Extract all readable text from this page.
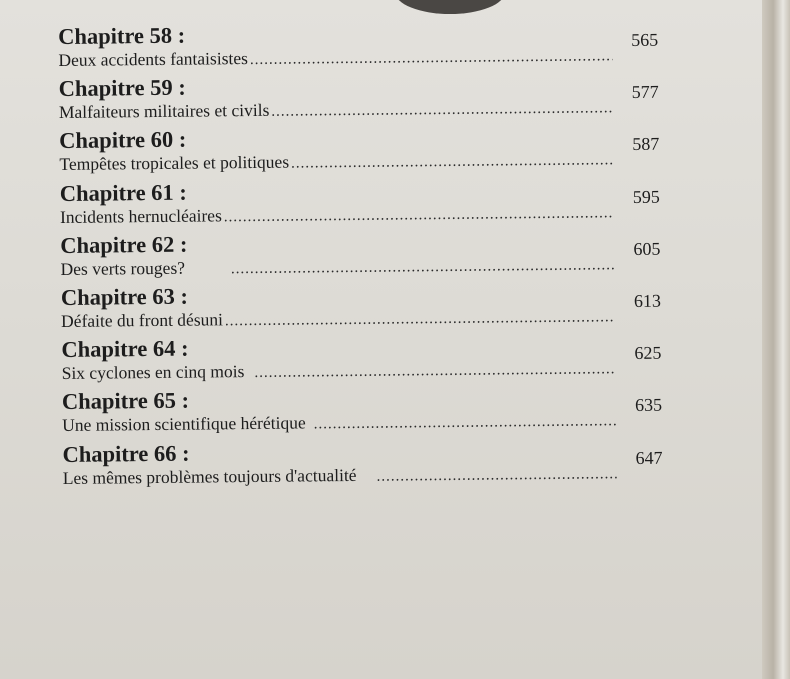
Chapitre 58 :
Deux accidents fantaisistes
.....
565
Chapitre 59 :
Malfaiteurs militaires et civils
.....
577
Chapitre 60 :
Tempêtes tropicales et politiques
.....
587
Chapitre 61 :
Incidents hernucléaires
.....
595
Chapitre 62 :
Des verts rouges?
.....
605
Chapitre 63 :
Défaite du front désuni
.....
613
Chapitre 64 :
Six cyclones en cinq mois
.....
625
Chapitre 65 :
Une mission scientifique hérétique
.....
635
Chapitre 66 :
Les mêmes problèmes toujours d'actualité
.....
647
